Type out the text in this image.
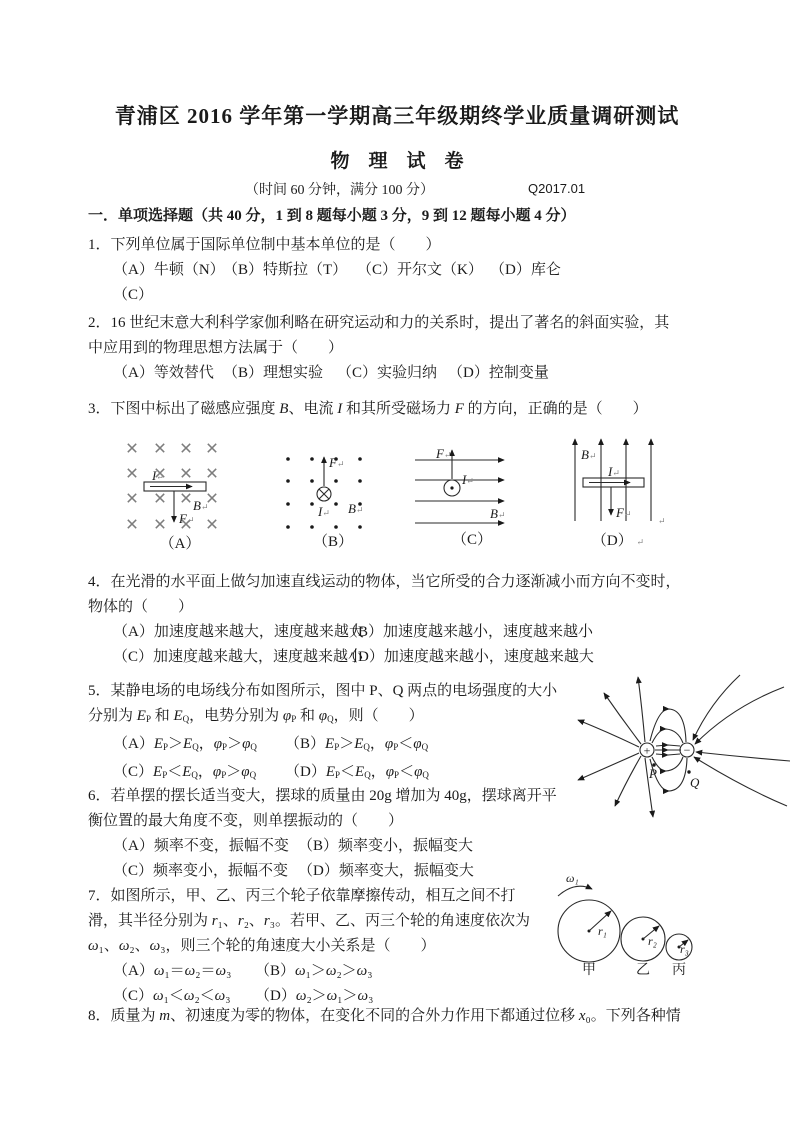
青浦区 2016 学年第一学期高三年级期终学业质量调研测试
物　理　试　卷
（时间 60 分钟，满分 100 分）	Q2017.01
一．单项选择题（共 40 分，1 到 8 题每小题 3 分，9 到 12 题每小题 4 分）
1．下列单位属于国际单位制中基本单位的是（　　）
（A）牛顿（N）
（B）特斯拉（T） （C）开尔文（K） （D）库仑
（C）
2．16 世纪末意大利科学家伽利略在研究运动和力的关系时，提出了著名的斜面实验，其
中应用到的物理思想方法属于（　　）
（A）等效替代 （B）理想实验 （C）实验归纳 （D）控制变量
3．下图中标出了磁感应强度 B、电流 I 和其所受磁场力 F 的方向，正确的是（　　）
I↵
F↵
B↵
（A）
F↵
I↵ B↵
（B）
F↵
I↵
B↵
（C）
B↵
I↵
F↵
↵
（D） ↵
4．在光滑的水平面上做匀加速直线运动的物体，当它所受的合力逐渐减小而方向不变时，
物体的（　　）
（A）加速度越来越大，速度越来越大
（B）加速度越来越小，速度越来越小
（C）加速度越来越大，速度越来越小
（D）加速度越来越小，速度越来越大
5．某静电场的电场线分布如图所示，图中 P、Q 两点的电场强度的大小
分别为 $E_P$ 和 $E_Q$，电势分别为 $\varphi_P$ 和 $\varphi_Q$，则（　　）
$(A)E_P>E_Q$，$\varphi_P>\varphi_Q$	$(B)E_P>E_Q$，$\varphi_P<\varphi_Q$
$(C)E_P<E_Q$，$\varphi_P>\varphi_Q$	$(D)E_P<E_Q$，$\varphi_P<\varphi_Q$
+	−
P
Q
6．若单摆的摆长适当变大，摆球的质量由 20g 增加为 40g，摆球离开平
衡位置的最大角度不变，则单摆振动的（　　）
（A）频率不变，振幅不变 （B）频率变小，振幅变大
（C）频率变小，振幅不变 （D）频率变大，振幅变大
7．如图所示，甲、乙、丙三个轮子依靠摩擦传动，相互之间不打
滑，其半径分别为 r₁、r₂、r₃。若甲、乙、丙三个轮的角速度依次为
ω₁、ω₂、ω₃，则三个轮的角速度大小关系是（　　）
（A）ω₁＝ω₂＝ω₃	（B）ω₁＞ω₂＞ω₃
（C）ω₁＜ω₂＜ω₃	（D）ω₂＞ω₁＞ω₃
ω₁
r₁
r₂
r₃
甲	乙 丙
8．质量为 m、初速度为零的物体，在变化不同的合外力作用下都通过位移 x₀。下列各种情
